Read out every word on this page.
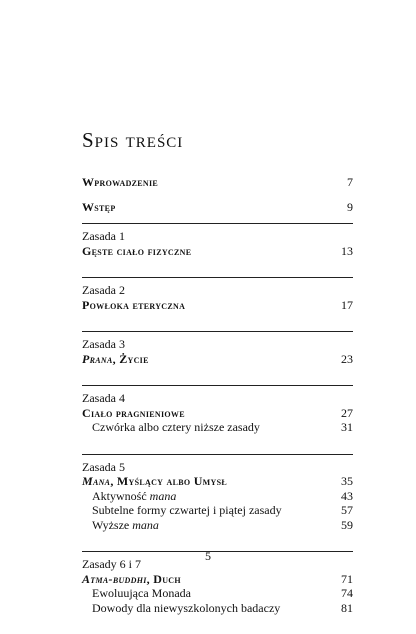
Spis treści
Wprowadzenie	7
Wstęp	9
Zasada 1
Gęste ciało fizyczne	13
Zasada 2
Powłoka eteryczna	17
Zasada 3
Prana, Życie	23
Zasada 4
Ciało pragnieniowe	27
Czwórka albo cztery niższe zasady	31
Zasada 5
Mana, Myślący albo Umysł	35
Aktywność mana	43
Subtelne formy czwartej i piątej zasady	57
Wyższe mana	59
Zasady 6 i 7
Atma-buddhi, Duch	71
Ewoluująca Monada	74
Dowody dla niewyszkolonych badaczy	81
5
